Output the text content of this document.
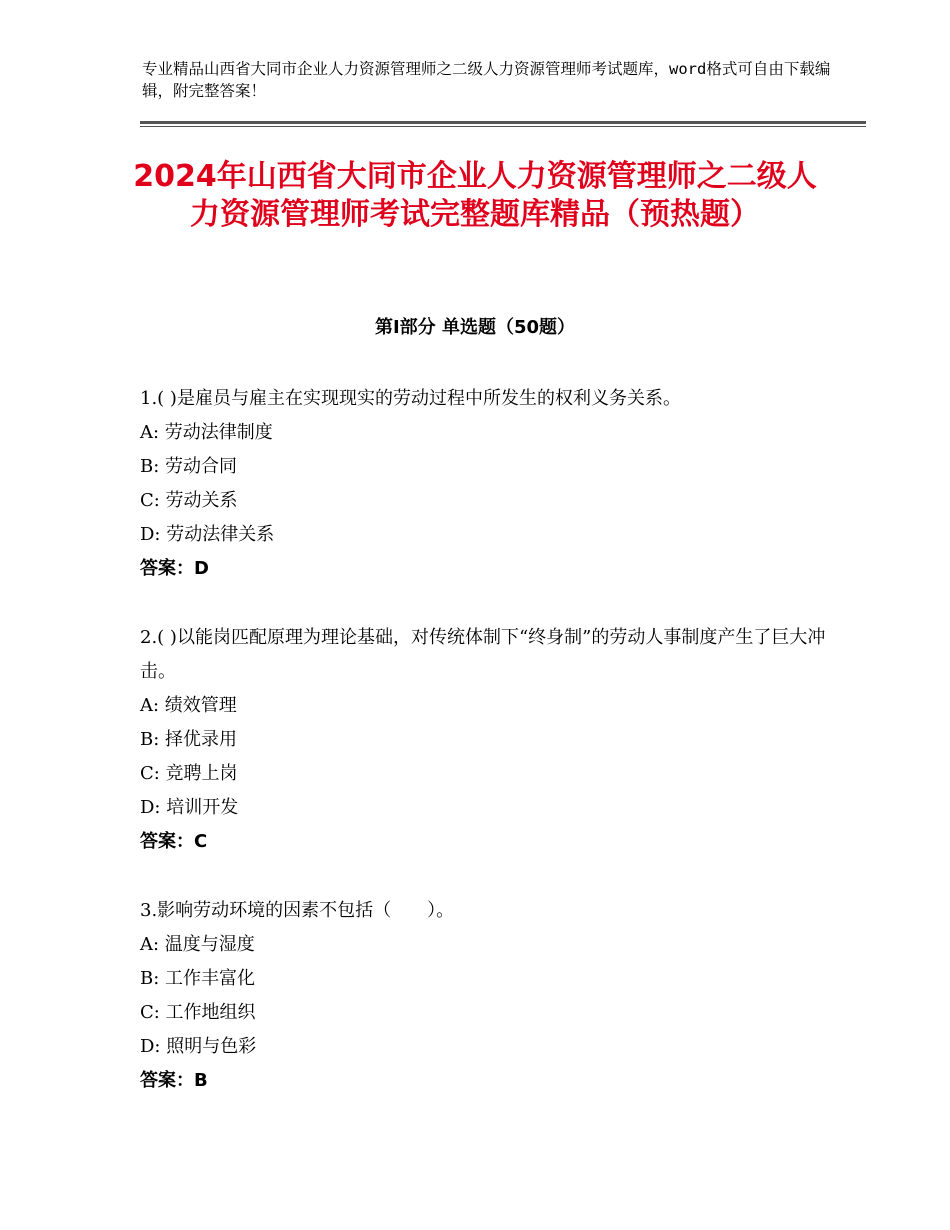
专业精品山西省大同市企业人力资源管理师之二级人力资源管理师考试题库，word格式可自由下载编辑，附完整答案！
2024年山西省大同市企业人力资源管理师之二级人力资源管理师考试完整题库精品（预热题）
第Ⅰ部分 单选题（50题）

1.( )是雇员与雇主在实现现实的劳动过程中所发生的权利义务关系。

A: 劳动法律制度

B: 劳动合同

C: 劳动关系

D: 劳动法律关系

答案：D

2.( )以能岗匹配原理为理论基础，对传统体制下“终身制”的劳动人事制度产生了巨大冲击。

A: 绩效管理

B: 择优录用

C: 竞聘上岗

D: 培训开发

答案：C

3.影响劳动环境的因素不包括（　　）。

A: 温度与湿度

B: 工作丰富化

C: 工作地组织

D: 照明与色彩

答案：B
